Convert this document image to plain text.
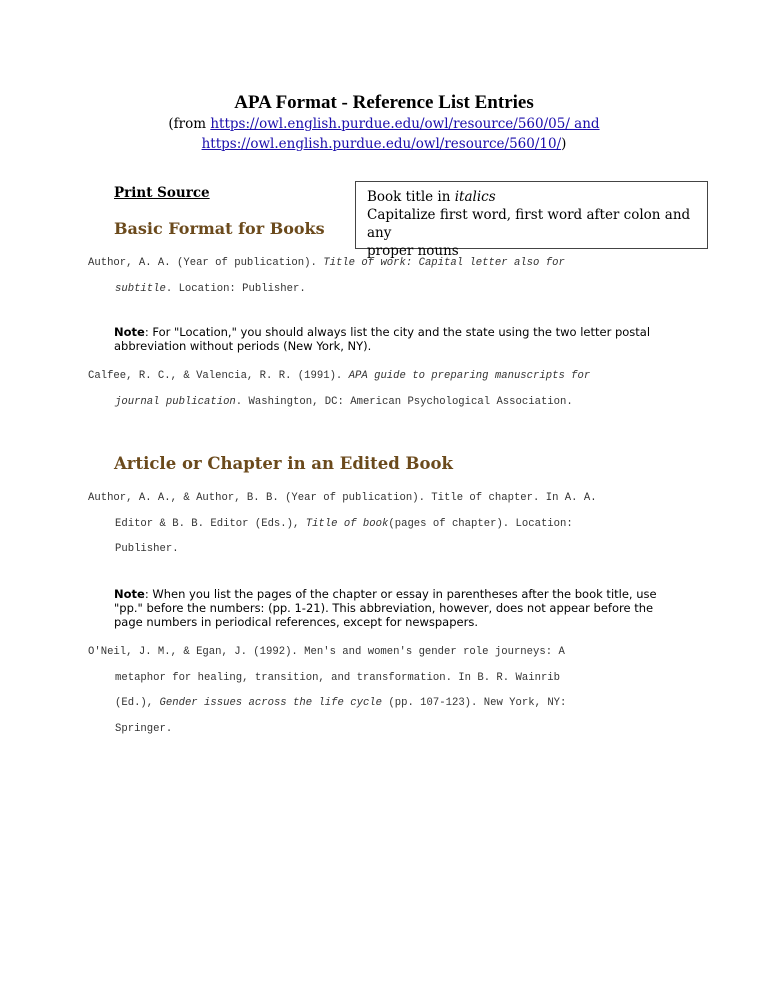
APA Format - Reference List Entries
(from https://owl.english.purdue.edu/owl/resource/560/05/ and
https://owl.english.purdue.edu/owl/resource/560/10/)
Print Source
Basic Format for Books
Book title in italics
Capitalize first word, first word after colon and any
proper nouns
Author, A. A. (Year of publication). Title of work: Capital letter also for
subtitle. Location: Publisher.
Note: For "Location," you should always list the city and the state using the two letter postal abbreviation without periods (New York, NY).
Calfee, R. C., & Valencia, R. R. (1991). APA guide to preparing manuscripts for
journal publication. Washington, DC: American Psychological Association.
Article or Chapter in an Edited Book
Author, A. A., & Author, B. B. (Year of publication). Title of chapter. In A. A.
Editor & B. B. Editor (Eds.), Title of book(pages of chapter). Location:
Publisher.
Note: When you list the pages of the chapter or essay in parentheses after the book title, use "pp." before the numbers: (pp. 1-21). This abbreviation, however, does not appear before the page numbers in periodical references, except for newspapers.
O'Neil, J. M., & Egan, J. (1992). Men's and women's gender role journeys: A
metaphor for healing, transition, and transformation. In B. R. Wainrib
(Ed.), Gender issues across the life cycle (pp. 107-123). New York, NY:
Springer.
